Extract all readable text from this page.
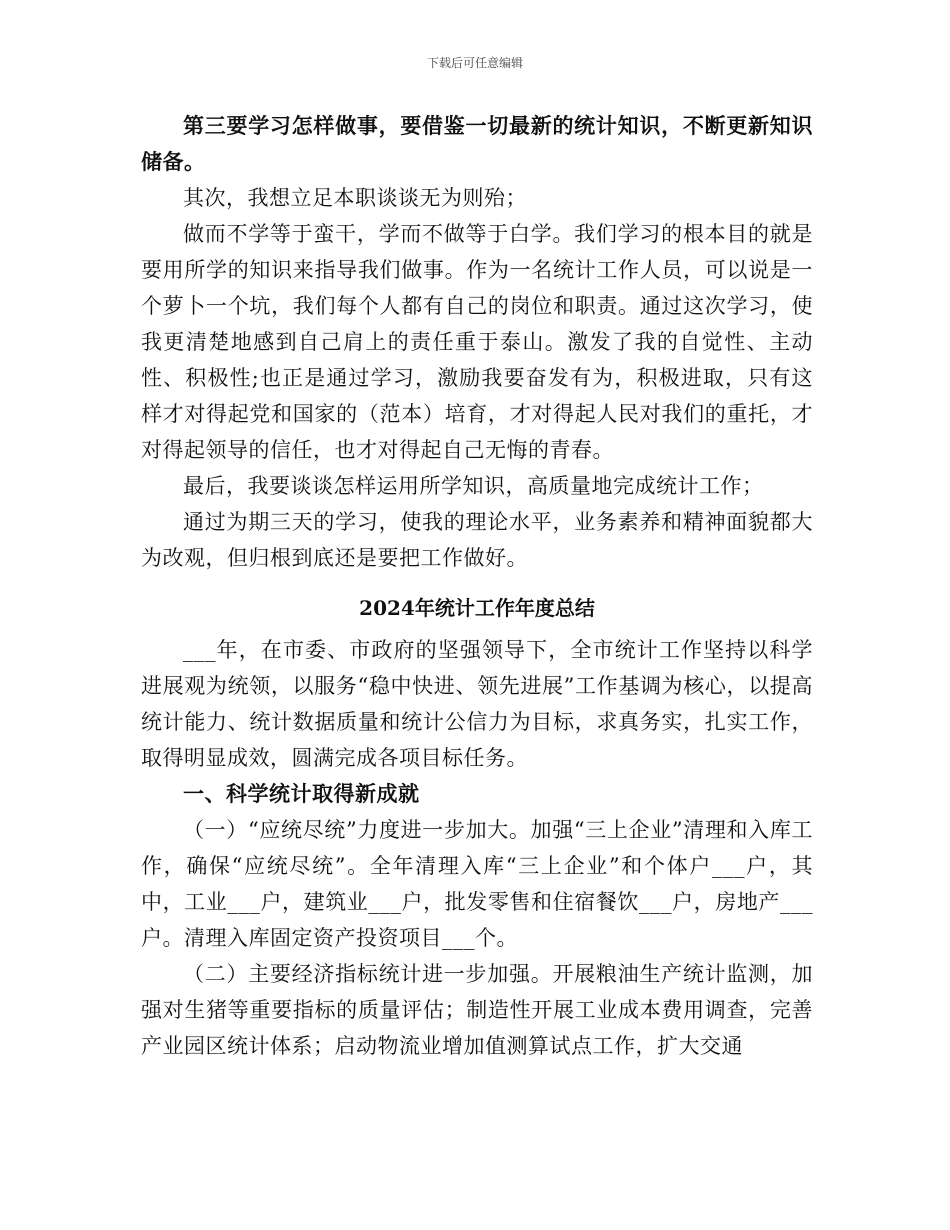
下载后可任意编辑

第三要学习怎样做事，要借鉴一切最新的统计知识，不断更新知识储备。

其次，我想立足本职谈谈无为则殆；

做而不学等于蛮干，学而不做等于白学。我们学习的根本目的就是要用所学的知识来指导我们做事。作为一名统计工作人员，可以说是一个萝卜一个坑，我们每个人都有自己的岗位和职责。通过这次学习，使我更清楚地感到自己肩上的责任重于泰山。激发了我的自觉性、主动性、积极性;也正是通过学习，激励我要奋发有为，积极进取，只有这样才对得起党和国家的（范本）培育，才对得起人民对我们的重托，才对得起领导的信任，也才对得起自己无悔的青春。

最后，我要谈谈怎样运用所学知识，高质量地完成统计工作；

通过为期三天的学习，使我的理论水平，业务素养和精神面貌都大为改观，但归根到底还是要把工作做好。

2024年统计工作年度总结

___年，在市委、市政府的坚强领导下，全市统计工作坚持以科学进展观为统领，以服务“稳中快进、领先进展”工作基调为核心，以提高统计能力、统计数据质量和统计公信力为目标，求真务实，扎实工作，取得明显成效，圆满完成各项目标任务。

一、科学统计取得新成就

（一）“应统尽统”力度进一步加大。加强“三上企业”清理和入库工作，确保“应统尽统”。全年清理入库“三上企业”和个体户___户，其中，工业___户，建筑业___户，批发零售和住宿餐饮___户，房地产___户。清理入库固定资产投资项目___个。

（二）主要经济指标统计进一步加强。开展粮油生产统计监测，加强对生猪等重要指标的质量评估；制造性开展工业成本费用调查，完善产业园区统计体系；启动物流业增加值测算试点工作，扩大交通
